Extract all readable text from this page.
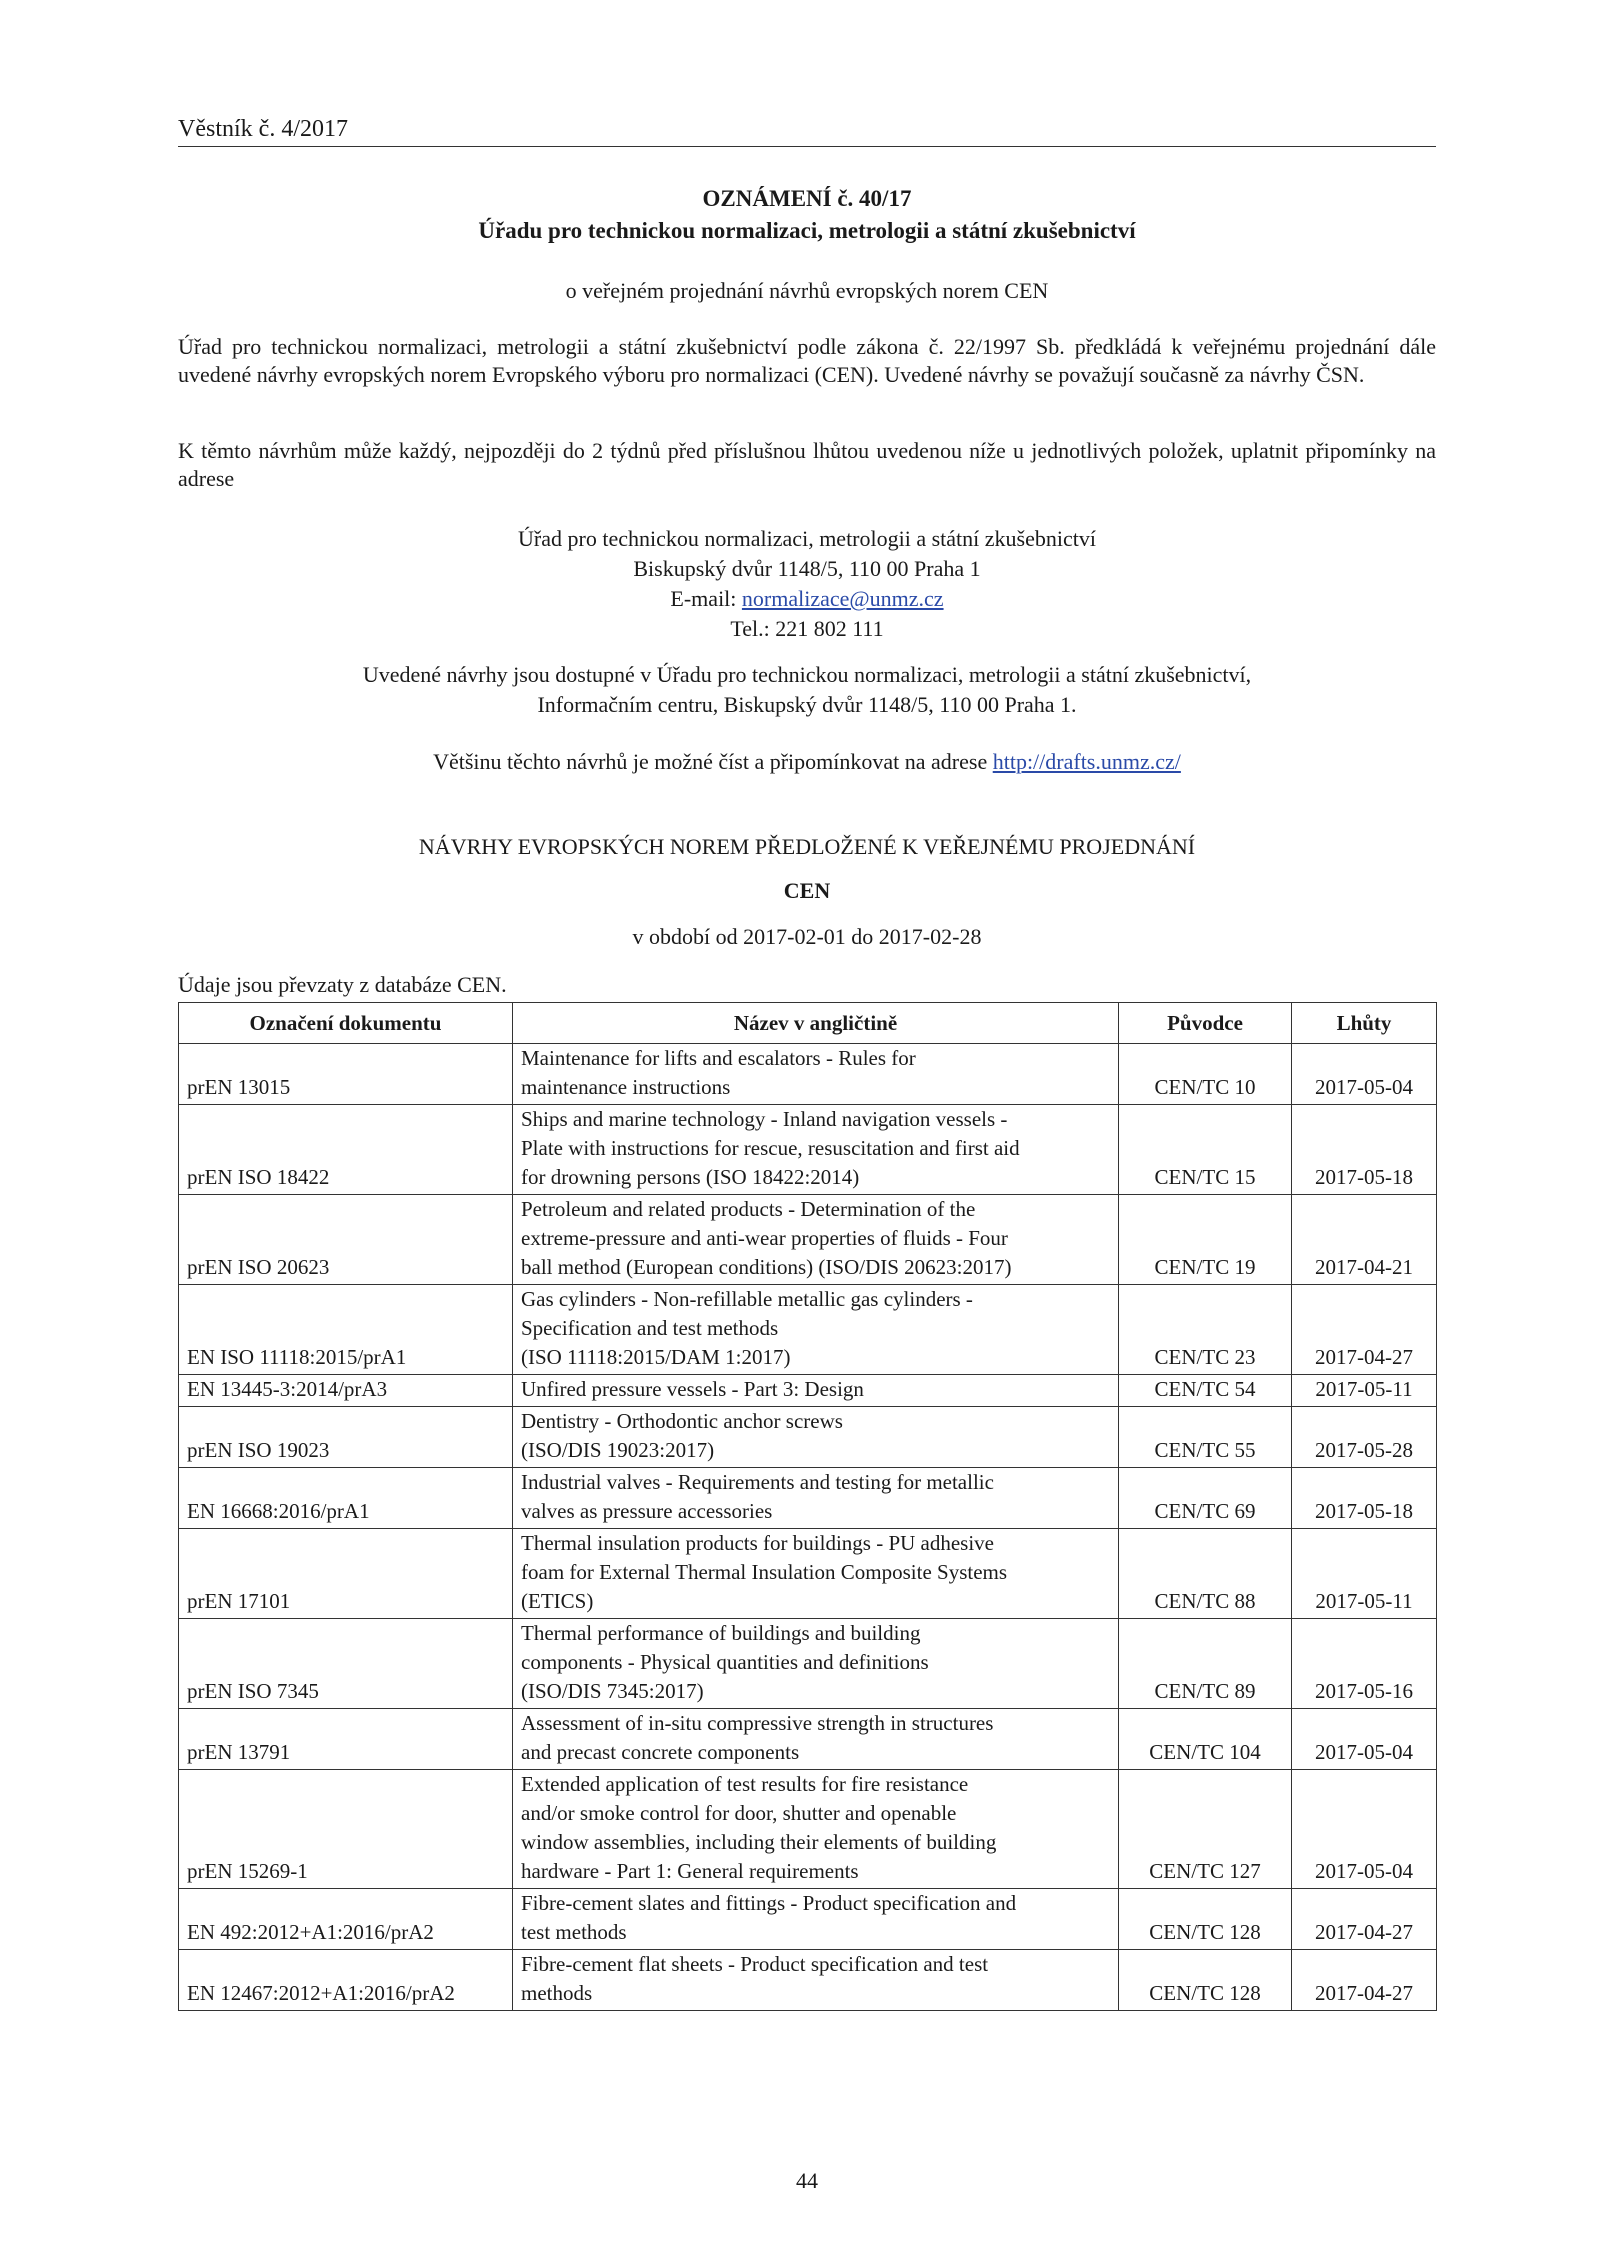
Věstník č. 4/2017
OZNÁMENÍ č. 40/17
Úřadu pro technickou normalizaci, metrologii a státní zkušebnictví
o veřejném projednání návrhů evropských norem CEN
Úřad pro technickou normalizaci, metrologii a státní zkušebnictví podle zákona č. 22/1997 Sb. předkládá k veřejnému projednání dále uvedené návrhy evropských norem Evropského výboru pro normalizaci (CEN). Uvedené návrhy se považují současně za návrhy ČSN.
K těmto návrhům může každý, nejpozději do 2 týdnů před příslušnou lhůtou uvedenou níže u jednotlivých položek, uplatnit připomínky na adrese
Úřad pro technickou normalizaci, metrologii a státní zkušebnictví
Biskupský dvůr 1148/5, 110 00 Praha 1
E-mail: normalizace@unmz.cz
Tel.: 221 802 111
Uvedené návrhy jsou dostupné v Úřadu pro technickou normalizaci, metrologii a státní zkušebnictví,
Informačním centru, Biskupský dvůr 1148/5, 110 00 Praha 1.
Většinu těchto návrhů je možné číst a připomínkovat na adrese http://drafts.unmz.cz/
NÁVRHY EVROPSKÝCH NOREM PŘEDLOŽENÉ K VEŘEJNÉMU PROJEDNÁNÍ
CEN
v období od 2017-02-01 do 2017-02-28
Údaje jsou převzaty z databáze CEN.
Označení dokumentu	Název v angličtině	Původce	Lhůty
prEN 13015	Maintenance for lifts and escalators - Rules for
maintenance instructions	CEN/TC 10	2017-05-04
prEN ISO 18422	Ships and marine technology - Inland navigation vessels -
Plate with instructions for rescue, resuscitation and first aid
for drowning persons (ISO 18422:2014)	CEN/TC 15	2017-05-18
prEN ISO 20623	Petroleum and related products - Determination of the
extreme-pressure and anti-wear properties of fluids - Four
ball method (European conditions) (ISO/DIS 20623:2017)	CEN/TC 19	2017-04-21
EN ISO 11118:2015/prA1	Gas cylinders - Non-refillable metallic gas cylinders -
Specification and test methods
(ISO 11118:2015/DAM 1:2017)	CEN/TC 23	2017-04-27
EN 13445-3:2014/prA3	Unfired pressure vessels - Part 3: Design	CEN/TC 54	2017-05-11
prEN ISO 19023	Dentistry - Orthodontic anchor screws
(ISO/DIS 19023:2017)	CEN/TC 55	2017-05-28
EN 16668:2016/prA1	Industrial valves - Requirements and testing for metallic
valves as pressure accessories	CEN/TC 69	2017-05-18
prEN 17101	Thermal insulation products for buildings - PU adhesive
foam for External Thermal Insulation Composite Systems
(ETICS)	CEN/TC 88	2017-05-11
prEN ISO 7345	Thermal performance of buildings and building
components - Physical quantities and definitions
(ISO/DIS 7345:2017)	CEN/TC 89	2017-05-16
prEN 13791	Assessment of in-situ compressive strength in structures
and precast concrete components	CEN/TC 104	2017-05-04
prEN 15269-1	Extended application of test results for fire resistance
and/or smoke control for door, shutter and openable
window assemblies, including their elements of building
hardware - Part 1: General requirements	CEN/TC 127	2017-05-04
EN 492:2012+A1:2016/prA2	Fibre-cement slates and fittings - Product specification and
test methods	CEN/TC 128	2017-04-27
EN 12467:2012+A1:2016/prA2	Fibre-cement flat sheets - Product specification and test
methods	CEN/TC 128	2017-04-27
44
